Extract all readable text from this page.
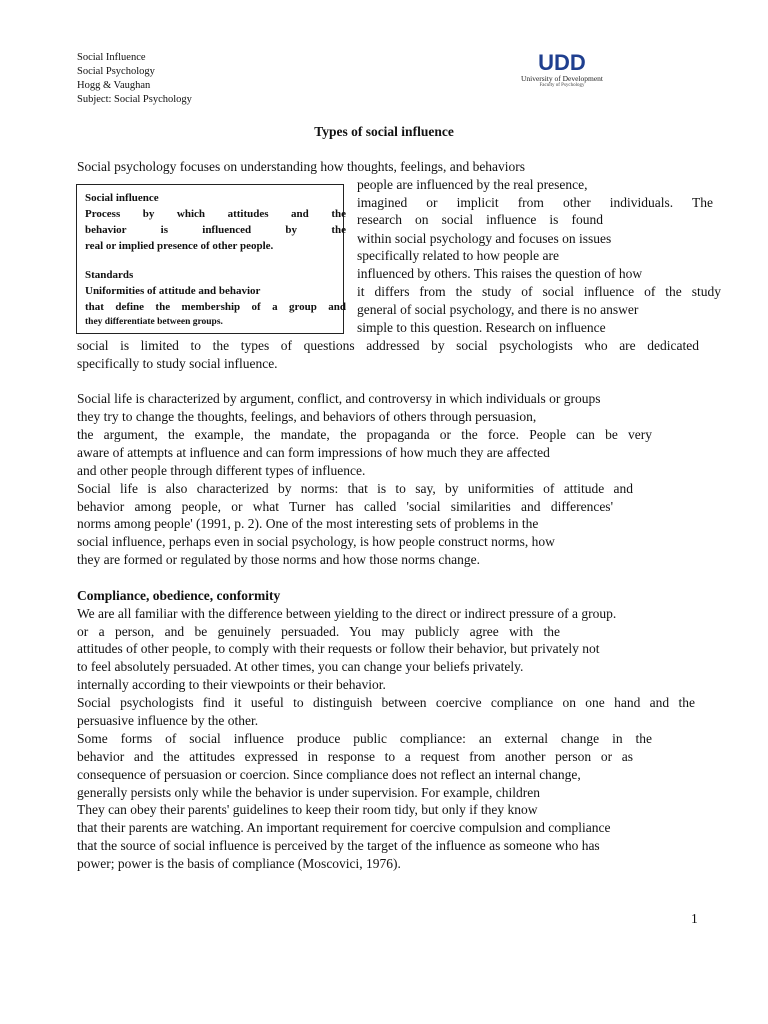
Social Influence
Social Psychology
Hogg & Vaughan
Subject: Social Psychology
UDD
University of Development
Faculty of Psychology
Types of social influence
Social psychology focuses on understanding how thoughts, feelings, and behaviors
Social influence
Process by which attitudes and the
behavior is influenced by the
real or implied presence of other people.
Standards
Uniformities of attitude and behavior
that define the membership of a group and
they differentiate between groups.
people are influenced by the real presence,
imagined or implicit from other individuals. The
research on social influence is found
within social psychology and focuses on issues
specifically related to how people are
influenced by others. This raises the question of how
it differs from the study of social influence of the study
general of social psychology, and there is no answer
simple to this question. Research on influence
social is limited to the types of questions addressed by social psychologists who are dedicated
specifically to study social influence.
Social life is characterized by argument, conflict, and controversy in which individuals or groups
they try to change the thoughts, feelings, and behaviors of others through persuasion,
the argument, the example, the mandate, the propaganda or the force. People can be very
aware of attempts at influence and can form impressions of how much they are affected
and other people through different types of influence.
Social life is also characterized by norms: that is to say, by uniformities of attitude and
behavior among people, or what Turner has called 'social similarities and differences'
norms among people' (1991, p. 2). One of the most interesting sets of problems in the
social influence, perhaps even in social psychology, is how people construct norms, how
they are formed or regulated by those norms and how those norms change.
Compliance, obedience, conformity
We are all familiar with the difference between yielding to the direct or indirect pressure of a group.
or a person, and be genuinely persuaded. You may publicly agree with the
attitudes of other people, to comply with their requests or follow their behavior, but privately not
to feel absolutely persuaded. At other times, you can change your beliefs privately.
internally according to their viewpoints or their behavior.
Social psychologists find it useful to distinguish between coercive compliance on one hand and the
persuasive influence by the other.
Some forms of social influence produce public compliance: an external change in the
behavior and the attitudes expressed in response to a request from another person or as
consequence of persuasion or coercion. Since compliance does not reflect an internal change,
generally persists only while the behavior is under supervision. For example, children
They can obey their parents' guidelines to keep their room tidy, but only if they know
that their parents are watching. An important requirement for coercive compulsion and compliance
that the source of social influence is perceived by the target of the influence as someone who has
power; power is the basis of compliance (Moscovici, 1976).
1
